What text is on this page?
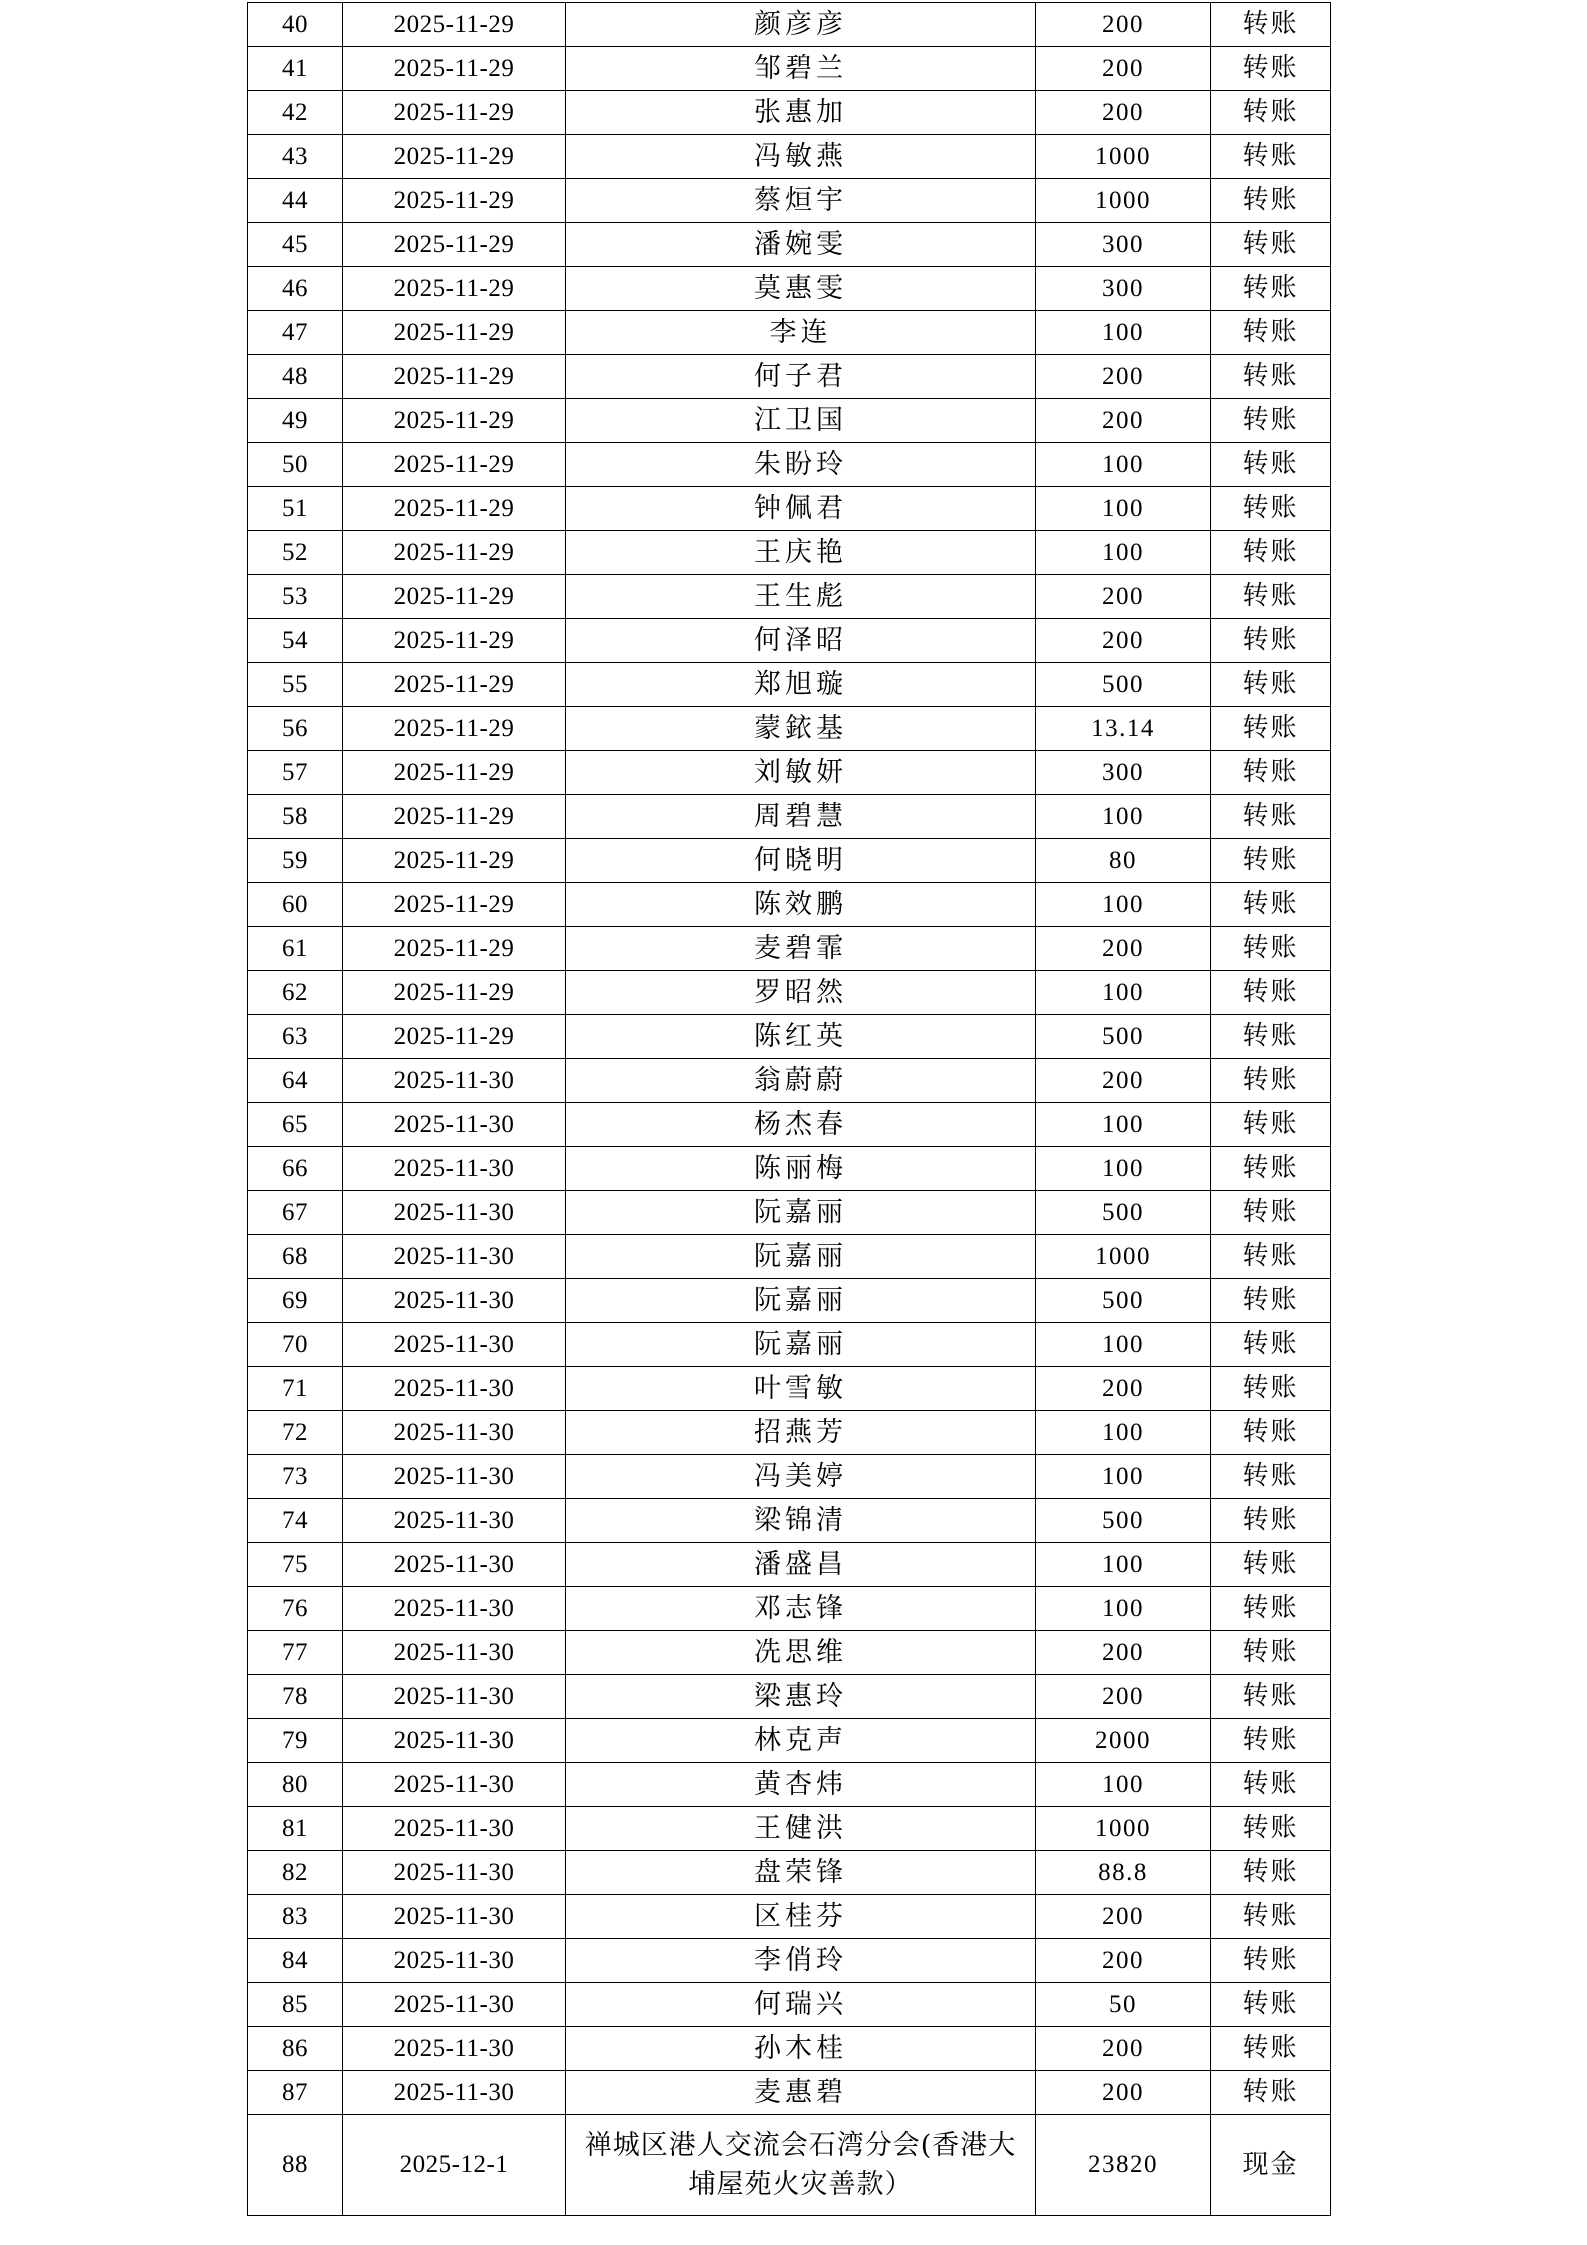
40	2025-11-29	颜彦彦	200	转账
41	2025-11-29	邹碧兰	200	转账
42	2025-11-29	张惠加	200	转账
43	2025-11-29	冯敏燕	1000	转账
44	2025-11-29	蔡烜宇	1000	转账
45	2025-11-29	潘婉雯	300	转账
46	2025-11-29	莫惠雯	300	转账
47	2025-11-29	李连	100	转账
48	2025-11-29	何子君	200	转账
49	2025-11-29	江卫国	200	转账
50	2025-11-29	朱盼玲	100	转账
51	2025-11-29	钟佩君	100	转账
52	2025-11-29	王庆艳	100	转账
53	2025-11-29	王生彪	200	转账
54	2025-11-29	何泽昭	200	转账
55	2025-11-29	郑旭璇	500	转账
56	2025-11-29	蒙銥基	13.14	转账
57	2025-11-29	刘敏妍	300	转账
58	2025-11-29	周碧慧	100	转账
59	2025-11-29	何晓明	80	转账
60	2025-11-29	陈效鹏	100	转账
61	2025-11-29	麦碧霏	200	转账
62	2025-11-29	罗昭然	100	转账
63	2025-11-29	陈红英	500	转账
64	2025-11-30	翁蔚蔚	200	转账
65	2025-11-30	杨杰春	100	转账
66	2025-11-30	陈丽梅	100	转账
67	2025-11-30	阮嘉丽	500	转账
68	2025-11-30	阮嘉丽	1000	转账
69	2025-11-30	阮嘉丽	500	转账
70	2025-11-30	阮嘉丽	100	转账
71	2025-11-30	叶雪敏	200	转账
72	2025-11-30	招燕芳	100	转账
73	2025-11-30	冯美婷	100	转账
74	2025-11-30	梁锦清	500	转账
75	2025-11-30	潘盛昌	100	转账
76	2025-11-30	邓志锋	100	转账
77	2025-11-30	冼思维	200	转账
78	2025-11-30	梁惠玲	200	转账
79	2025-11-30	林克声	2000	转账
80	2025-11-30	黄杏炜	100	转账
81	2025-11-30	王健洪	1000	转账
82	2025-11-30	盘荣锋	88.8	转账
83	2025-11-30	区桂芬	200	转账
84	2025-11-30	李俏玲	200	转账
85	2025-11-30	何瑞兴	50	转账
86	2025-11-30	孙木桂	200	转账
87	2025-11-30	麦惠碧	200	转账
88	2025-12-1	禅城区港人交流会石湾分会(香港大埔屋苑火灾善款）	23820	现金
